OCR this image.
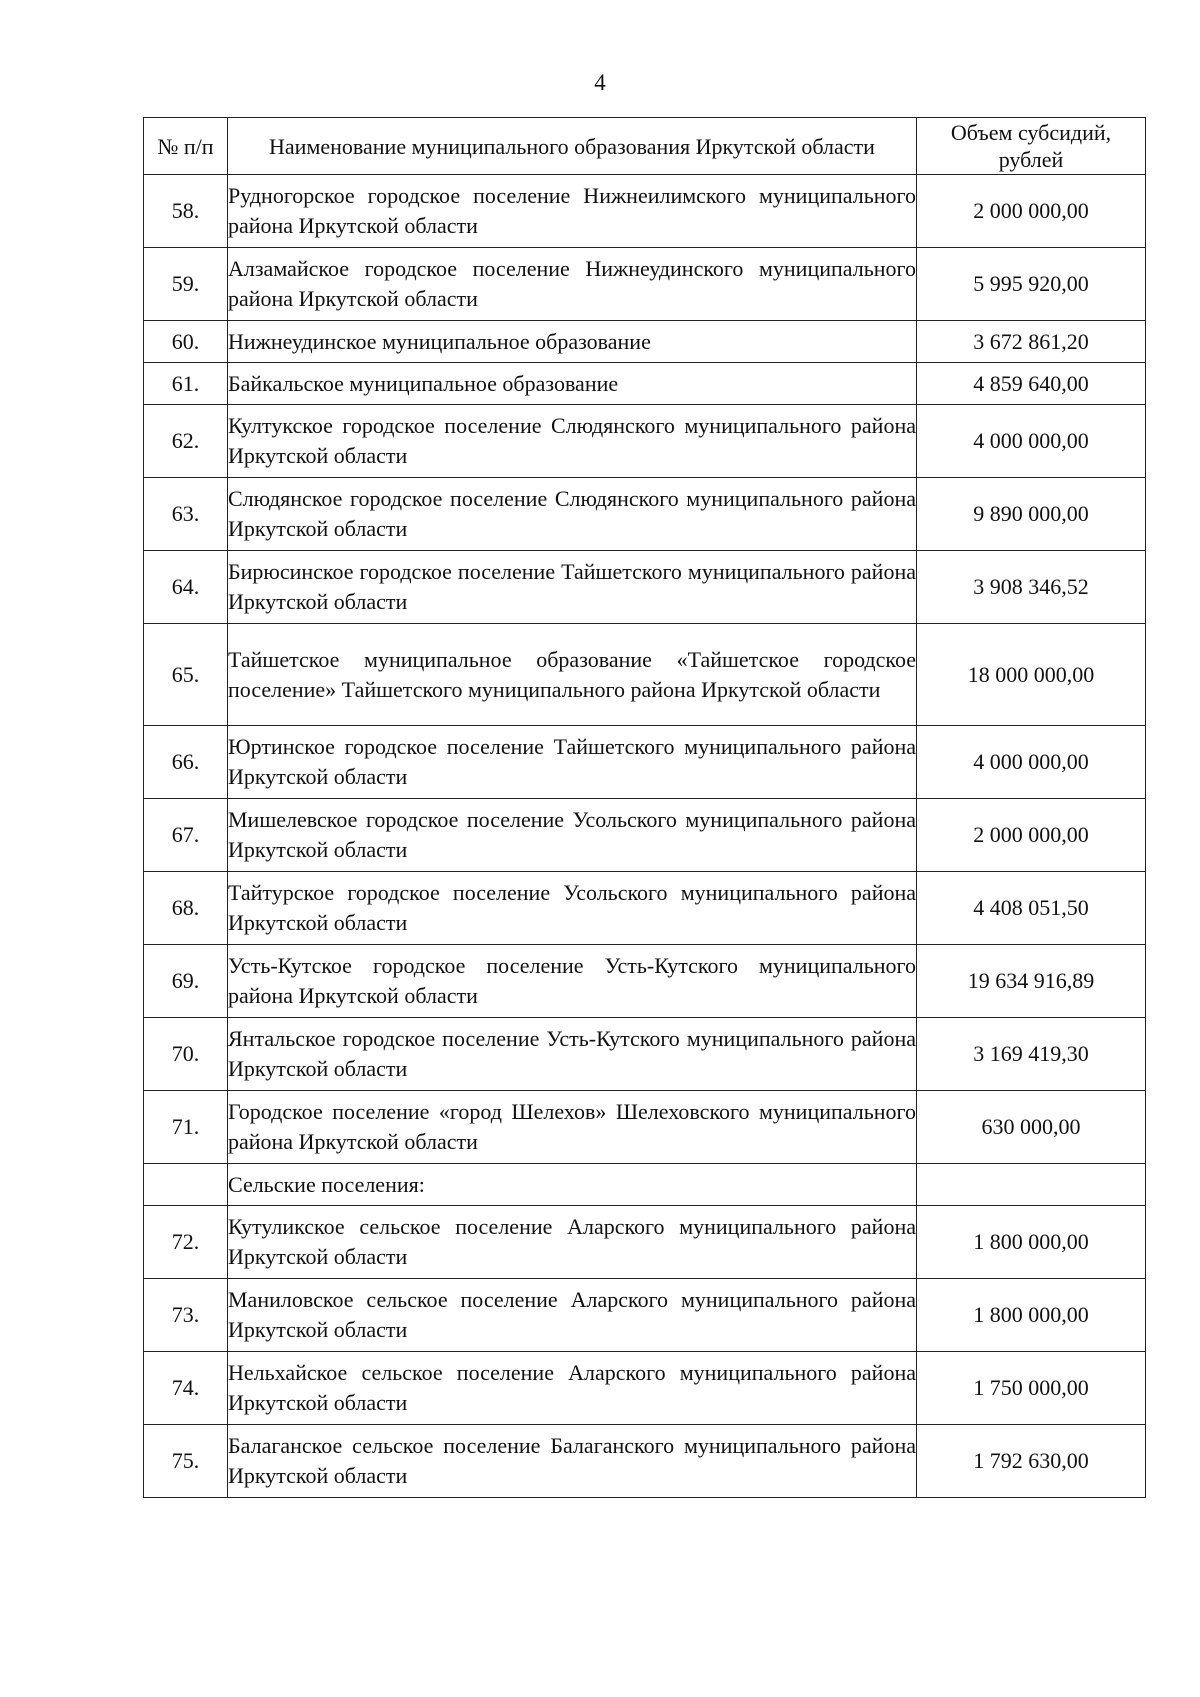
4
№ п/п	Наименование муниципального образования Иркутской области	Объем субсидий, рублей
58.	Рудногорское городское поселение Нижнеилимского муниципального района Иркутской области	2 000 000,00
59.	Алзамайское городское поселение Нижнеудинского муниципального района Иркутской области	5 995 920,00
60.	Нижнеудинское муниципальное образование	3 672 861,20
61.	Байкальское муниципальное образование	4 859 640,00
62.	Култукское городское поселение Слюдянского муниципального района Иркутской области	4 000 000,00
63.	Слюдянское городское поселение Слюдянского муниципального района Иркутской области	9 890 000,00
64.	Бирюсинское городское поселение Тайшетского муниципального района Иркутской области	3 908 346,52
65.	Тайшетское муниципальное образование «Тайшетское городское поселение» Тайшетского муниципального района Иркутской области	18 000 000,00
66.	Юртинское городское поселение Тайшетского муниципального района Иркутской области	4 000 000,00
67.	Мишелевское городское поселение Усольского муниципального района Иркутской области	2 000 000,00
68.	Тайтурское городское поселение Усольского муниципального района Иркутской области	4 408 051,50
69.	Усть-Кутское городское поселение Усть-Кутского муниципального района Иркутской области	19 634 916,89
70.	Янтальское городское поселение Усть-Кутского муниципального района Иркутской области	3 169 419,30
71.	Городское поселение «город Шелехов» Шелеховского муниципального района Иркутской области	630 000,00
	Сельские поселения:	
72.	Кутуликское сельское поселение Аларского муниципального района Иркутской области	1 800 000,00
73.	Маниловское сельское поселение Аларского муниципального района Иркутской области	1 800 000,00
74.	Нельхайское сельское поселение Аларского муниципального района Иркутской области	1 750 000,00
75.	Балаганское сельское поселение Балаганского муниципального района Иркутской области	1 792 630,00
